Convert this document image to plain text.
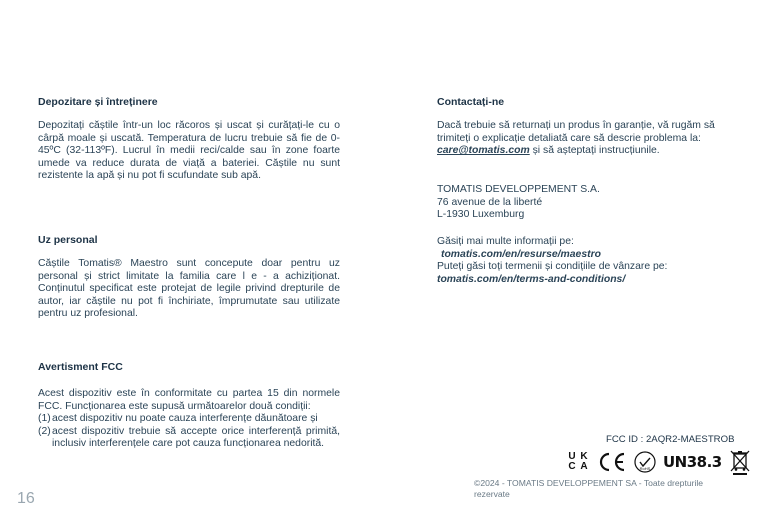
Depozitare și întreținere

Depozitați căștile într-un loc răcoros și uscat și curățați-le cu o cârpă moale și uscată. Temperatura de lucru trebuie să fie de 0-45ºC (32-113ºF). Lucrul în medii reci/calde sau în zone foarte umede va reduce durata de viață a bateriei. Căștile nu sunt rezistente la apă și nu pot fi scufundate sub apă.

Uz personal

Căștile Tomatis® Maestro sunt concepute doar pentru uz personal și strict limitate la familia care l e - a achiziționat. Conținutul specificat este protejat de legile privind drepturile de autor, iar căștile nu pot fi închiriate, împrumutate sau utilizate pentru uz profesional.

Avertisment FCC

Acest dispozitiv este în conformitate cu partea 15 din normele FCC. Funcționarea este supusă următoarelor două condiții:

(1) acest dispozitiv nu poate cauza interferențe dăunătoare și
(2) acest dispozitiv trebuie să accepte orice interferență primită, inclusiv interferențele care pot cauza funcționarea nedorită.
16
Contactați-ne

Dacă trebuie să returnați un produs în garanție, vă rugăm să trimiteți o explicație detaliată care să descrie problema la: care@tomatis.com și să așteptați instrucțiunile.

TOMATIS DEVELOPPEMENT S.A.

76 avenue de la liberté

L-1930 Luxemburg

Găsiți mai multe informații pe:

tomatis.com/en/resurse/maestro

Puteți găsi toți termenii și condițiile de vânzare pe:

tomatis.com/en/terms-and-conditions/

FCC ID : 2AQR2-MAESTROB
U K
C A	RoHS UN38.3
©2024 - TOMATIS DEVELOPPEMENT SA - Toate drepturile rezervate
